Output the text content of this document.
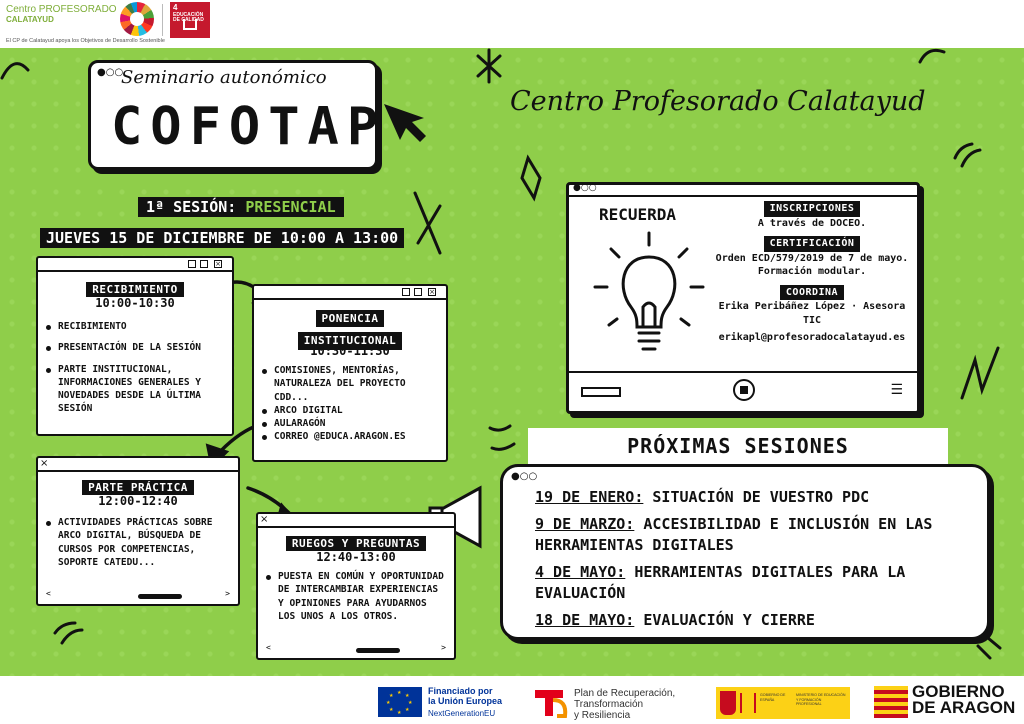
Centro PROFESORADO
CALATAYUD
4
EDUCACIÓN DE CALIDAD
El CP de Calatayud apoya los Objetivos de Desarrollo Sostenible
●○○
Seminario autonómico
COFOTAP	Centro Profesorado Calatayud
1ª SESIÓN: PRESENCIAL
JUEVES 15 DE DICIEMBRE DE 10:00 A 13:00
×
RECIBIMIENTO
10:00-10:30
RECIBIMIENTO
PRESENTACIÓN DE LA SESIÓN
PARTE INSTITUCIONAL, INFORMACIONES GENERALES Y NOVEDADES DESDE LA ÚLTIMA SESIÓN
×
PONENCIA
INSTITUCIONAL
10:30-11:30
COMISIONES, MENTORÍAS, NATURALEZA DEL PROYECTO CDD...
ARCO DIGITAL
AULARAGÓN
CORREO @EDUCA.ARAGON.ES
×
PARTE PRÁCTICA
12:00-12:40
ACTIVIDADES PRÁCTICAS SOBRE ARCO DIGITAL, BÚSQUEDA DE CURSOS POR COMPETENCIAS, SOPORTE CATEDU...
<	>
×
RUEGOS Y PREGUNTAS
12:40-13:00
PUESTA EN COMÚN Y OPORTUNIDAD DE INTERCAMBIAR EXPERIENCIAS Y OPINIONES PARA AYUDARNOS LOS UNOS A LOS OTROS.
<	>
●○○
RECUERDA	INSCRIPCIONES
A través de DOCEO.
CERTIFICACIÓN
Orden ECD/579/2019 de 7 de mayo.
Formación modular.
COORDINA
Erika Peribáñez López · Asesora TIC
erikapl@profesoradocalatayud.es
☰
PRÓXIMAS SESIONES
●○○
19 DE ENERO: SITUACIÓN DE VUESTRO PDC
9 DE MARZO: ACCESIBILIDAD E INCLUSIÓN EN LAS HERRAMIENTAS DIGITALES
4 DE MAYO: HERRAMIENTAS DIGITALES PARA LA EVALUACIÓN
18 DE MAYO: EVALUACIÓN Y CIERRE
★ ★
★
★
★
★
★
★	Financiado por
la Unión Europea
NextGenerationEU
Plan de Recuperación,
Transformación
y Resiliencia
GOBIERNO DE ESPAÑA
MINISTERIO DE EDUCACIÓN Y FORMACIÓN PROFESIONAL
GOBIERNO
DE ARAGON
